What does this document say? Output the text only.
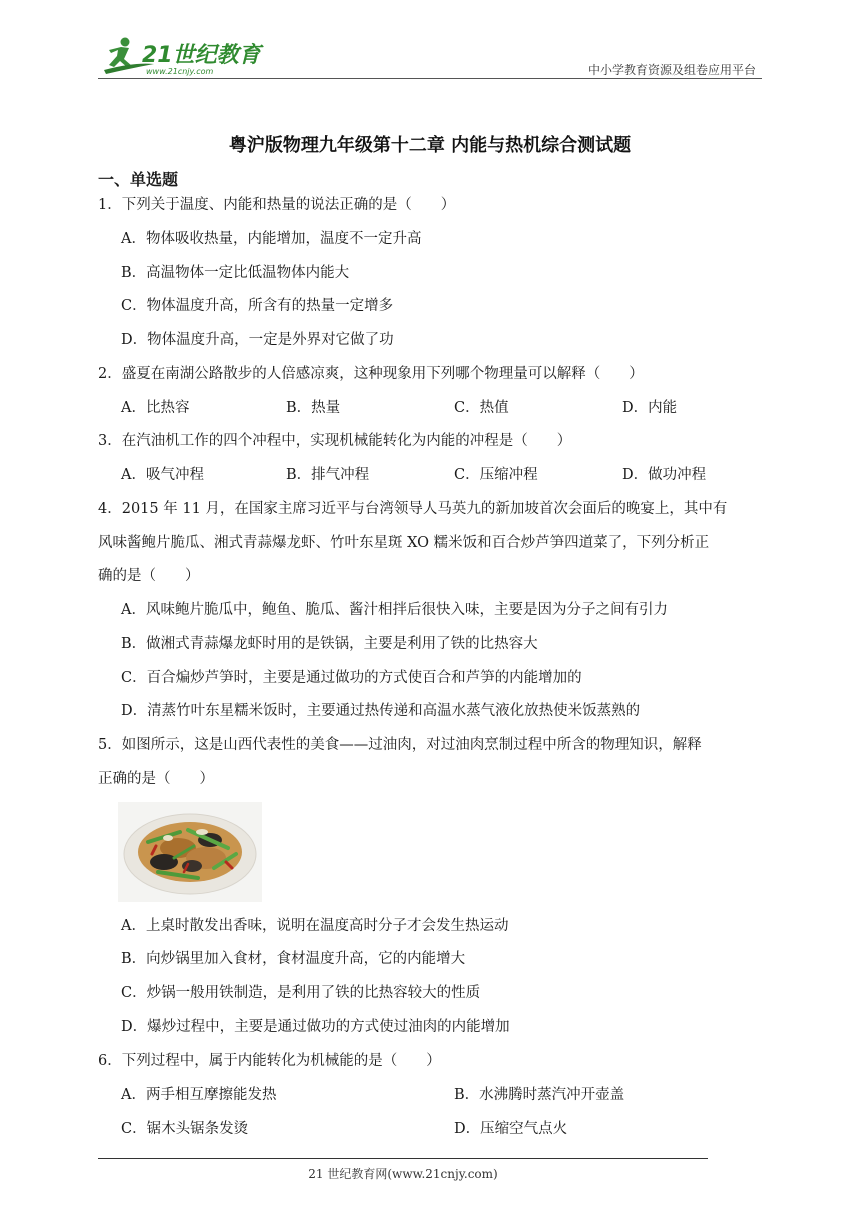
21世纪教育
www.21cnjy.com	中小学教育资源及组卷应用平台
粤沪版物理九年级第十二章 内能与热机综合测试题
一、单选题
1．下列关于温度、内能和热量的说法正确的是（　　）
A．物体吸收热量，内能增加，温度不一定升高
B．高温物体一定比低温物体内能大
C．物体温度升高，所含有的热量一定增多
D．物体温度升高，一定是外界对它做了功
2．盛夏在南湖公路散步的人倍感凉爽，这种现象用下列哪个物理量可以解释（　　）
A．比热容	B．热量	C．热值	D．内能
3．在汽油机工作的四个冲程中，实现机械能转化为内能的冲程是（　　）
A．吸气冲程	B．排气冲程	C．压缩冲程	D．做功冲程
4．2015 年 11 月，在国家主席习近平与台湾领导人马英九的新加坡首次会面后的晚宴上，其中有
风味酱鲍片脆瓜、湘式青蒜爆龙虾、竹叶东星斑 XO 糯米饭和百合炒芦笋四道菜了，下列分析正
确的是（　　）
A．风味鲍片脆瓜中，鲍鱼、脆瓜、酱汁相拌后很快入味，主要是因为分子之间有引力
B．做湘式青蒜爆龙虾时用的是铁锅，主要是利用了铁的比热容大
C．百合煸炒芦笋时，主要是通过做功的方式使百合和芦笋的内能增加的
D．清蒸竹叶东星糯米饭时，主要通过热传递和高温水蒸气液化放热使米饭蒸熟的
5．如图所示，这是山西代表性的美食——过油肉，对过油肉烹制过程中所含的物理知识，解释
正确的是（　　）
A．上桌时散发出香味，说明在温度高时分子才会发生热运动
B．向炒锅里加入食材，食材温度升高，它的内能增大
C．炒锅一般用铁制造，是利用了铁的比热容较大的性质
D．爆炒过程中，主要是通过做功的方式使过油肉的内能增加
6．下列过程中，属于内能转化为机械能的是（　　）
A．两手相互摩擦能发热	B．水沸腾时蒸汽冲开壶盖
C．锯木头锯条发烫	D．压缩空气点火
21 世纪教育网(www.21cnjy.com)
